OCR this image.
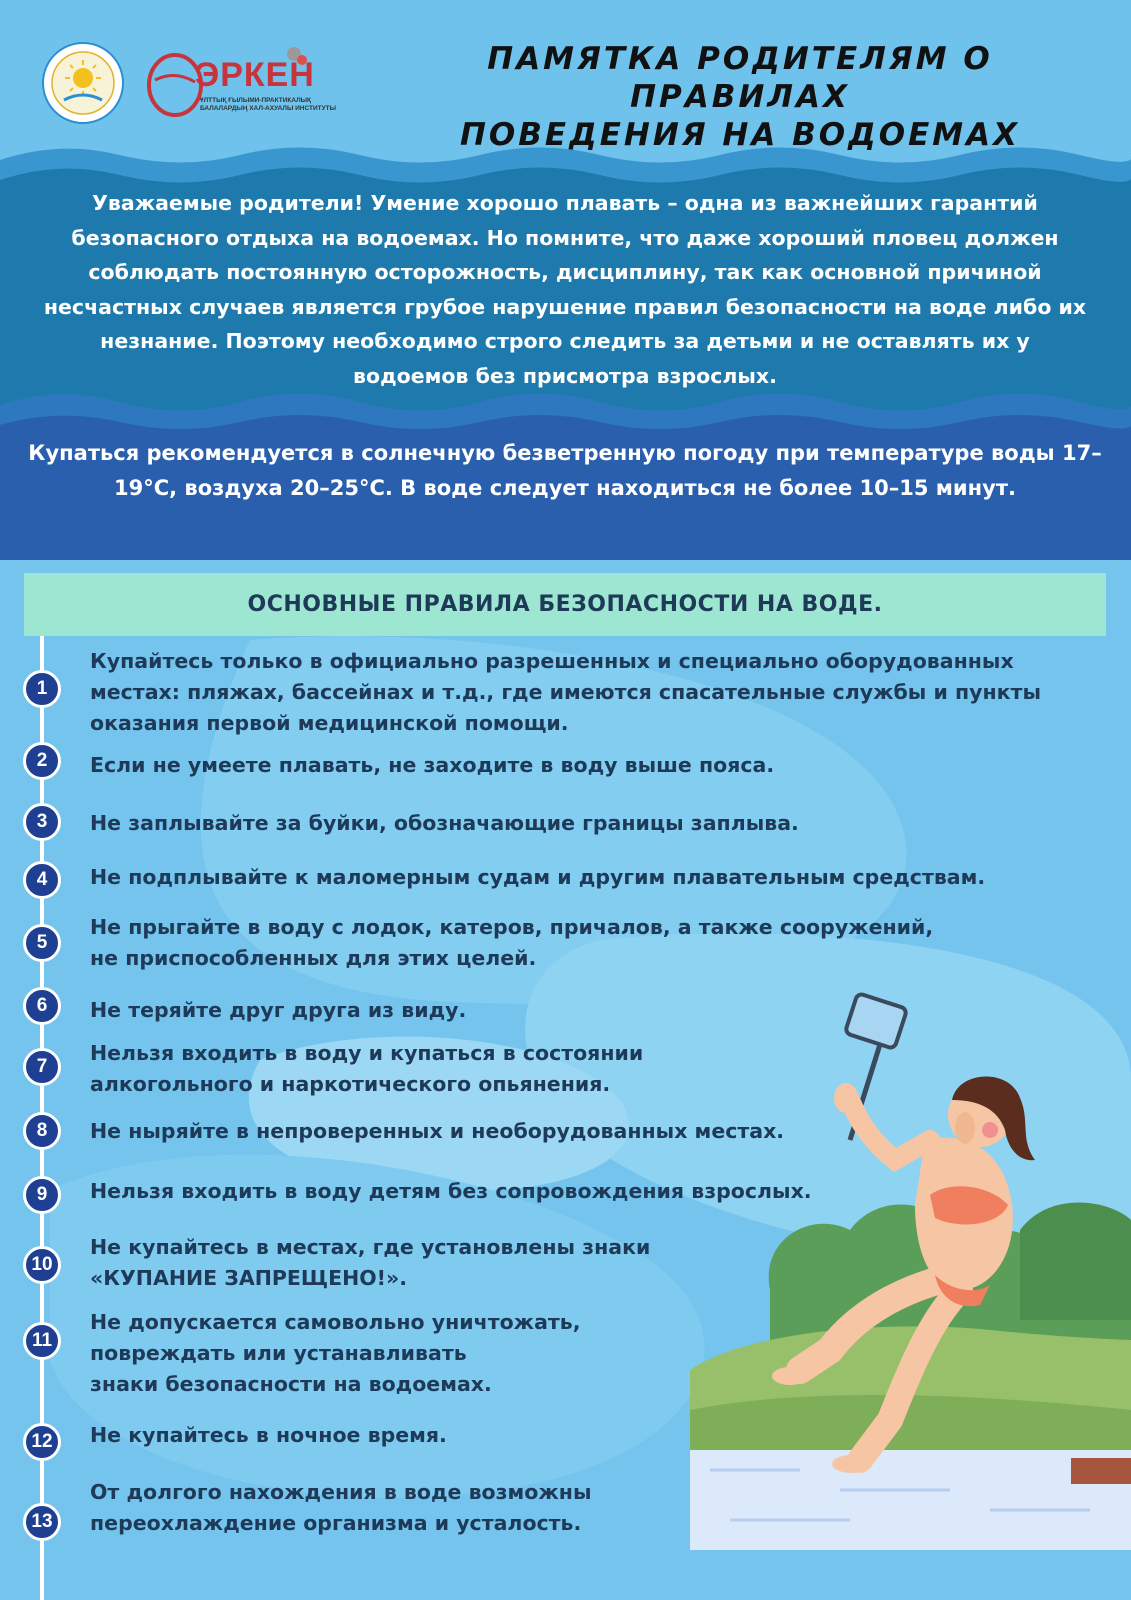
ЭРКЕН
ҰЛТТЫҚ ҒЫЛЫМИ-ПРАКТИКАЛЫҚ БАЛАЛАРДЫҢ ХАЛ-АХУАЛЫ ИНСТИТУТЫ
ПАМЯТКА РОДИТЕЛЯМ О ПРАВИЛАХ
ПОВЕДЕНИЯ НА ВОДОЕМАХ
Уважаемые родители! Умение хорошо плавать – одна из важнейших гарантий безопасного отдыха на водоемах. Но помните, что даже хороший пловец должен соблюдать постоянную осторожность, дисциплину, так как основной причиной несчастных случаев является грубое нарушение правил безопасности на воде либо их незнание. Поэтому необходимо строго следить за детьми и не оставлять их у водоемов без присмотра взрослых.
Купаться рекомендуется в солнечную безветренную погоду при температуре воды 17–19°С, воздуха 20–25°С. В воде следует находиться не более 10–15 минут.
ОСНОВНЫЕ ПРАВИЛА БЕЗОПАСНОСТИ НА ВОДЕ.
1
2
3
4
5
6
7
8
9
10
11
12
13
Купайтесь только в официально разрешенных и специально оборудованных
местах: пляжах, бассейнах и т.д., где имеются спасательные службы и пункты
оказания первой медицинской помощи.
Если не умеете плавать, не заходите в воду выше пояса.
Не заплывайте за буйки, обозначающие границы заплыва.
Не подплывайте к маломерным судам и другим плавательным средствам.
Не прыгайте в воду с лодок, катеров, причалов, а также сооружений,
не приспособленных для этих целей.
Не теряйте друг друга из виду.
Нельзя входить в воду и купаться в состоянии
алкогольного и наркотического опьянения.
Не ныряйте в непроверенных и необорудованных местах.
Нельзя входить в воду детям без сопровождения взрослых.
Не купайтесь в местах, где установлены знаки
«КУПАНИЕ ЗАПРЕЩЕНО!».
Не допускается самовольно уничтожать,
повреждать или устанавливать
знаки безопасности на водоемах.
Не купайтесь в ночное время.
От долгого нахождения в воде возможны
переохлаждение организма и усталость.
